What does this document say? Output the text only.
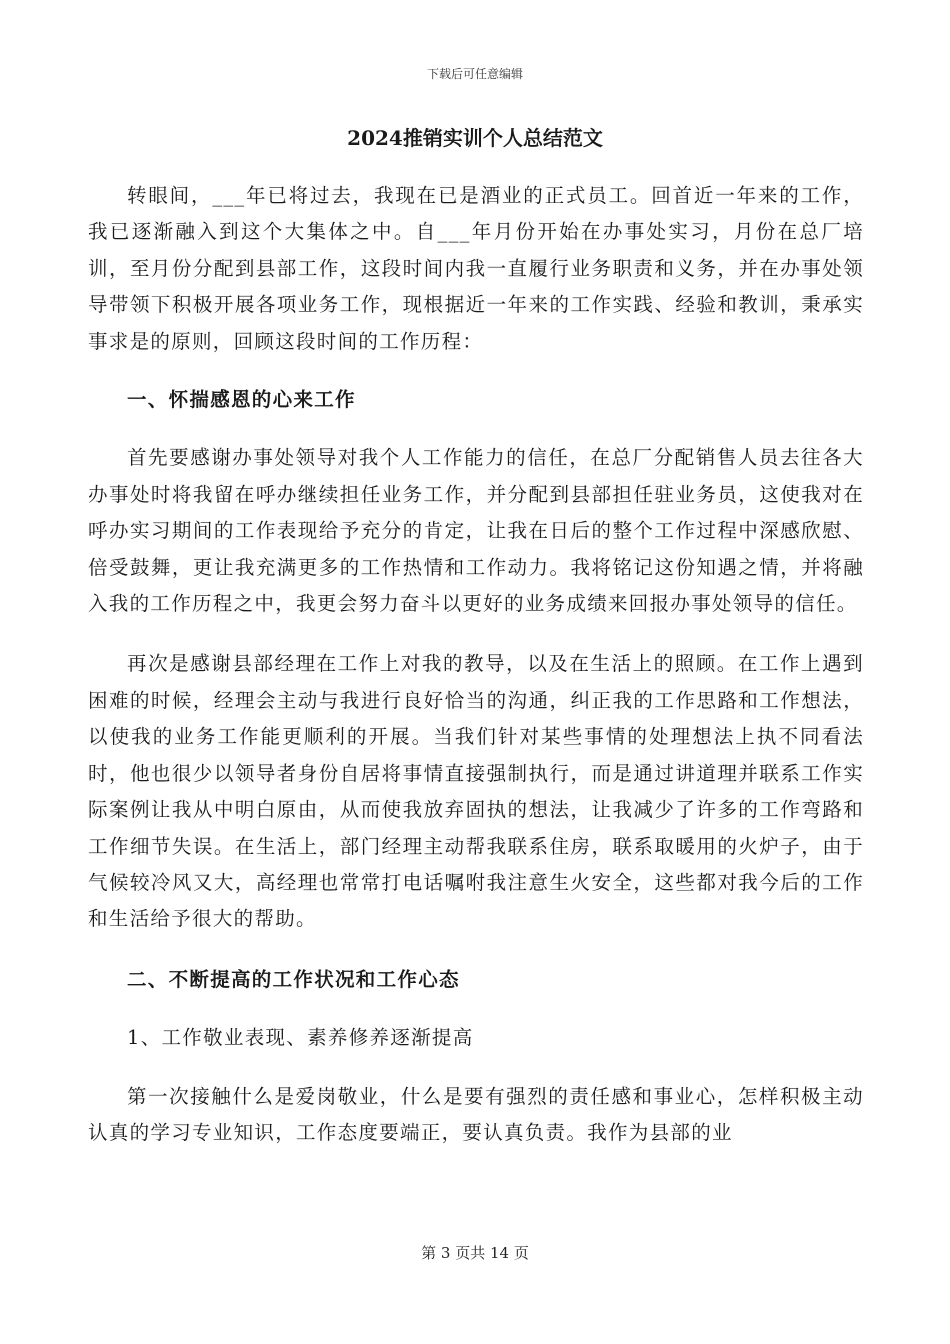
下载后可任意编辑
2024推销实训个人总结范文

转眼间，___年已将过去，我现在已是酒业的正式员工。回首近一年来的工作，我已逐渐融入到这个大集体之中。自___年月份开始在办事处实习，月份在总厂培训，至月份分配到县部工作，这段时间内我一直履行业务职责和义务，并在办事处领导带领下积极开展各项业务工作，现根据近一年来的工作实践、经验和教训，秉承实事求是的原则，回顾这段时间的工作历程：

一、怀揣感恩的心来工作

首先要感谢办事处领导对我个人工作能力的信任，在总厂分配销售人员去往各大办事处时将我留在呼办继续担任业务工作，并分配到县部担任驻业务员，这使我对在呼办实习期间的工作表现给予充分的肯定，让我在日后的整个工作过程中深感欣慰、倍受鼓舞，更让我充满更多的工作热情和工作动力。我将铭记这份知遇之情，并将融入我的工作历程之中，我更会努力奋斗以更好的业务成绩来回报办事处领导的信任。

再次是感谢县部经理在工作上对我的教导，以及在生活上的照顾。在工作上遇到困难的时候，经理会主动与我进行良好恰当的沟通，纠正我的工作思路和工作想法，以使我的业务工作能更顺利的开展。当我们针对某些事情的处理想法上执不同看法时，他也很少以领导者身份自居将事情直接强制执行，而是通过讲道理并联系工作实际案例让我从中明白原由，从而使我放弃固执的想法，让我减少了许多的工作弯路和工作细节失误。在生活上，部门经理主动帮我联系住房，联系取暖用的火炉子，由于气候较冷风又大，高经理也常常打电话嘱咐我注意生火安全，这些都对我今后的工作和生活给予很大的帮助。

二、不断提高的工作状况和工作心态

1、工作敬业表现、素养修养逐渐提高

第一次接触什么是爱岗敬业，什么是要有强烈的责任感和事业心，怎样积极主动认真的学习专业知识，工作态度要端正，要认真负责。我作为县部的业

第 3 页共 14 页
